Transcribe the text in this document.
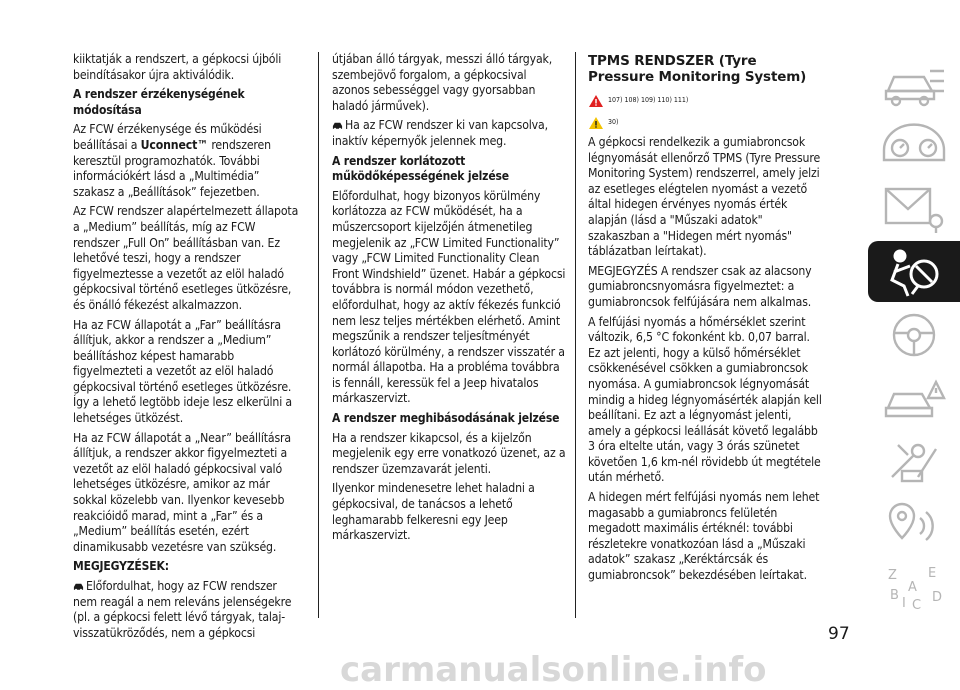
kiiktatják a rendszert, a gépkocsi újbóli beindításakor újra aktiválódik.

A rendszer érzékenységének módosítása

Az FCW érzékenysége és működési beállításai a Uconnect™ rendszeren keresztül programozhatók. További információkért lásd a „Multimédia” szakasz a „Beállítások” fejezetben.

Az FCW rendszer alapértelmezett állapota a „Medium” beállítás, míg az FCW rendszer „Full On” beállításban van. Ez lehetővé teszi, hogy a rendszer figyelmeztesse a vezetőt az elöl haladó gépkocsival történő esetleges ütközésre, és önálló fékezést alkalmazzon.

Ha az FCW állapotát a „Far” beállításra állítjuk, akkor a rendszer a „Medium” beállításhoz képest hamarabb figyelmezteti a vezetőt az elöl haladó gépkocsival történő esetleges ütközésre. Így a lehető legtöbb ideje lesz elkerülni a lehetséges ütközést.

Ha az FCW állapotát a „Near” beállításra állítjuk, a rendszer akkor figyelmezteti a vezetőt az elöl haladó gépkocsival való lehetséges ütközésre, amikor az már sokkal közelebb van. Ilyenkor kevesebb reakcióidő marad, mint a „Far” és a „Medium” beállítás esetén, ezért dinamikusabb vezetésre van szükség.

MEGJEGYZÉSEK:

Előfordulhat, hogy az FCW rendszer nem reagál a nem releváns jelenségekre (pl. a gépkocsi felett lévő tárgyak, talaj-visszatükröződés, nem a gépkocsi

útjában álló tárgyak, messzi álló tárgyak, szembejövő forgalom, a gépkocsival azonos sebességgel vagy gyorsabban haladó járművek).

Ha az FCW rendszer ki van kapcsolva, inaktív képernyők jelennek meg.

A rendszer korlátozott működőképességének jelzése

Előfordulhat, hogy bizonyos körülmény korlátozza az FCW működését, ha a műszercsoport kijelzőjén átmenetileg megjelenik az „FCW Limited Functionality” vagy „FCW Limited Functionality Clean Front Windshield” üzenet. Habár a gépkocsi továbbra is normál módon vezethető, előfordulhat, hogy az aktív fékezés funkció nem lesz teljes mértékben elérhető. Amint megszűnik a rendszer teljesítményét korlátozó körülmény, a rendszer visszatér a normál állapotba. Ha a probléma továbbra is fennáll, keressük fel a Jeep hivatalos márkaszervizt.

A rendszer meghibásodásának jelzése

Ha a rendszer kikapcsol, és a kijelzőn megjelenik egy erre vonatkozó üzenet, az a rendszer üzemzavarát jelenti.

Ilyenkor mindenesetre lehet haladni a gépkocsival, de tanácsos a lehető leghamarabb felkeresni egy Jeep márkaszervizt.

TPMS RENDSZER (Tyre Pressure Monitoring System)
107) 108) 109) 110) 111)
30)

A gépkocsi rendelkezik a gumiabroncsok légnyomását ellenőrző TPMS (Tyre Pressure Monitoring System) rendszerrel, amely jelzi az esetleges elégtelen nyomást a vezető által hidegen érvényes nyomás érték alapján (lásd a "Műszaki adatok" szakaszban a "Hidegen mért nyomás" táblázatban leírtakat).

MEGJEGYZÉS A rendszer csak az alacsony gumiabroncsnyomásra figyelmeztet: a gumiabroncsok felfújására nem alkalmas.

A felfújási nyomás a hőmérséklet szerint változik, 6,5 °C fokonként kb. 0,07 barral. Ez azt jelenti, hogy a külső hőmérséklet csökkenésével csökken a gumiabroncsok nyomása. A gumiabroncsok légnyomását mindig a hideg légnyomásérték alapján kell beállítani. Ez azt a légnyomást jelenti, amely a gépkocsi leállását követő legalább 3 óra eltelte után, vagy 3 órás szünetet követően 1,6 km-nél rövidebb út megtétele után mérhető.

A hidegen mért felfújási nyomás nem lehet magasabb a gumiabroncs felületén megadott maximális értéknél: további részletekre vonatkozóan lásd a „Műszaki adatok” szakasz „Keréktárcsák és gumiabroncsok” bekezdésében leírtakat.	Z E
A
B
C
D
I
97
carmanualsonline.info
